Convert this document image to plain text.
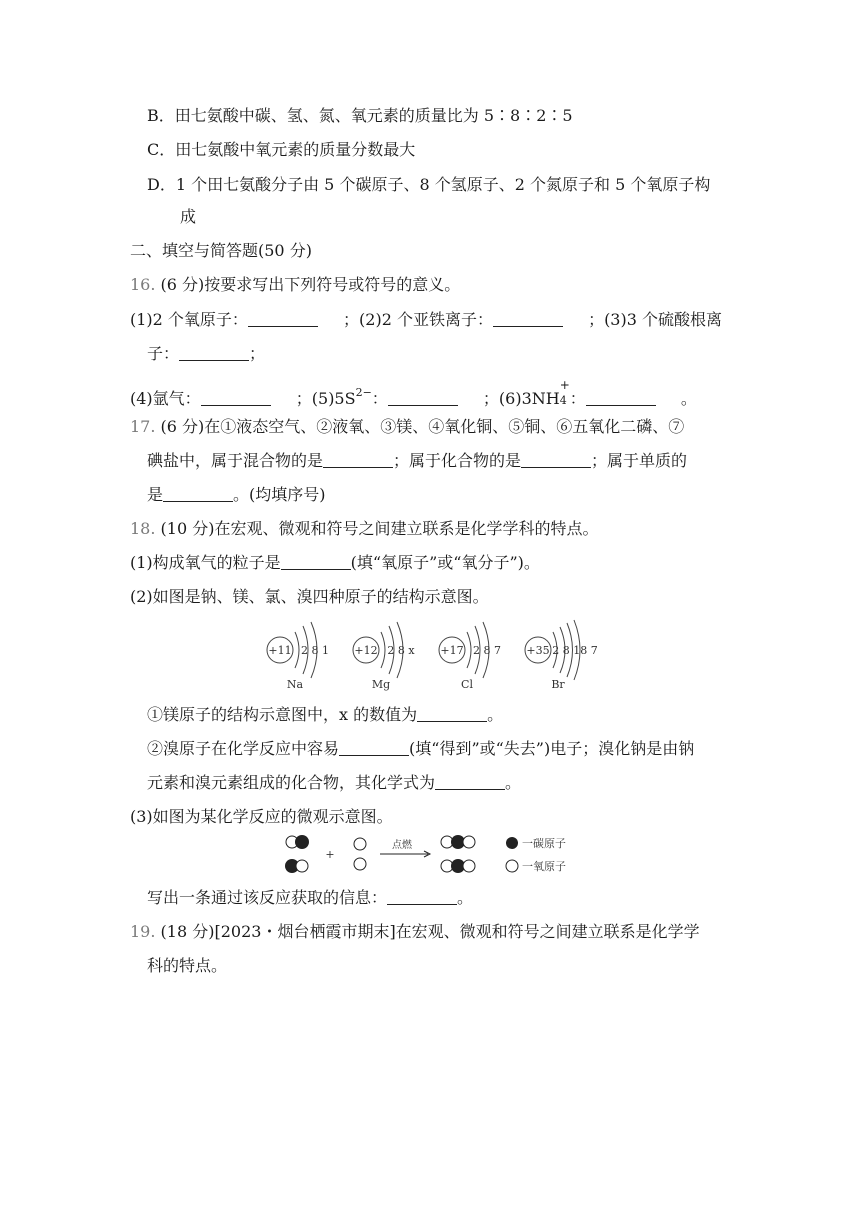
B．田七氨酸中碳、氢、氮、氧元素的质量比为 5∶8∶2∶5
C．田七氨酸中氧元素的质量分数最大
D．1 个田七氨酸分子由 5 个碳原子、8 个氢原子、2 个氮原子和 5 个氧原子构
成
二、填空与简答题(50 分)
16. (6 分)按要求写出下列符号或符号的意义。
(1)2 个氧原子：	；(2)2 个亚铁离子：	；(3)3 个硫酸根离
子：	；
(4)氩气：	；$(5)5S^{2-}$：	；(6)3NH
+
4 ：	。
17. (6 分)在①液态空气、②液氧、③镁、④氧化铜、⑤铜、⑥五氧化二磷、⑦
碘盐中，属于混合物的是	；属于化合物的是	；属于单质的
是	。(均填序号)
18. (10 分)在宏观、微观和符号之间建立联系是化学学科的特点。
(1)构成氧气的粒子是	(填“氧原子”或“氧分子”)。
(2)如图是钠、镁、氯、溴四种原子的结构示意图。
+11 2 8 1
Na
+12 2 8 x
Mg
+17 2 8 7
Cl
+35 2 8 18 7
Br
①镁原子的结构示意图中，x 的数值为	。
②溴原子在化学反应中容易	(填“得到”或“失去”)电子；溴化钠是由钠
元素和溴元素组成的化合物，其化学式为	。
(3)如图为某化学反应的微观示意图。
+
点燃	一碳原子
一氧原子
写出一条通过该反应获取的信息：	。
19. (18 分)[2023・烟台栖霞市期末]在宏观、微观和符号之间建立联系是化学学
科的特点。
